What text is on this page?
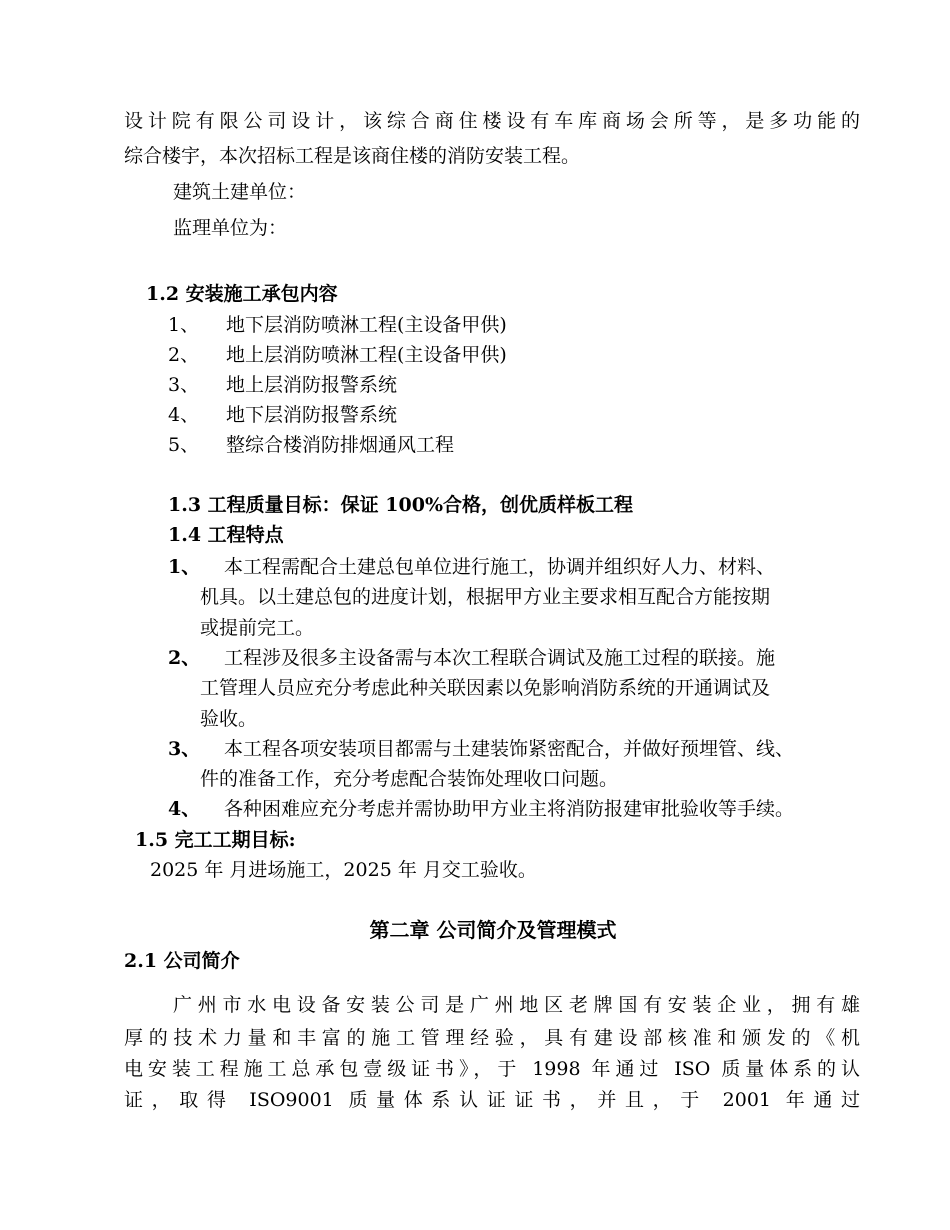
设计院有限公司设计，该综合商住楼设有车库商场会所等，是多功能的
综合楼宇，本次招标工程是该商住楼的消防安装工程。
建筑土建单位：
监理单位为：
1.2 安装施工承包内容
1、 地下层消防喷淋工程(主设备甲供)
2、 地上层消防喷淋工程(主设备甲供)
3、 地上层消防报警系统
4、 地下层消防报警系统
5、 整综合楼消防排烟通风工程
1.3 工程质量目标：保证 100%合格，创优质样板工程
1.4 工程特点
1、 本工程需配合土建总包单位进行施工，协调并组织好人力、材料、
机具。以土建总包的进度计划，根据甲方业主要求相互配合方能按期
或提前完工。
2、 工程涉及很多主设备需与本次工程联合调试及施工过程的联接。施
工管理人员应充分考虑此种关联因素以免影响消防系统的开通调试及
验收。
3、 本工程各项安装项目都需与土建装饰紧密配合，并做好预埋管、线、
件的准备工作，充分考虑配合装饰处理收口问题。
4、 各种困难应充分考虑并需协助甲方业主将消防报建审批验收等手续。
1.5 完工工期目标:
2025 年 月进场施工，2025 年 月交工验收。
第二章 公司简介及管理模式
2.1 公司简介
广州市水电设备安装公司是广州地区老牌国有安装企业，拥有雄
厚的技术力量和丰富的施工管理经验，具有建设部核准和颁发的《机
电安装工程施工总承包壹级证书》，于 1998 年通过 ISO 质量体系的认
证，取得 ISO9001 质量体系认证证书，并且，于 2001 年通过
